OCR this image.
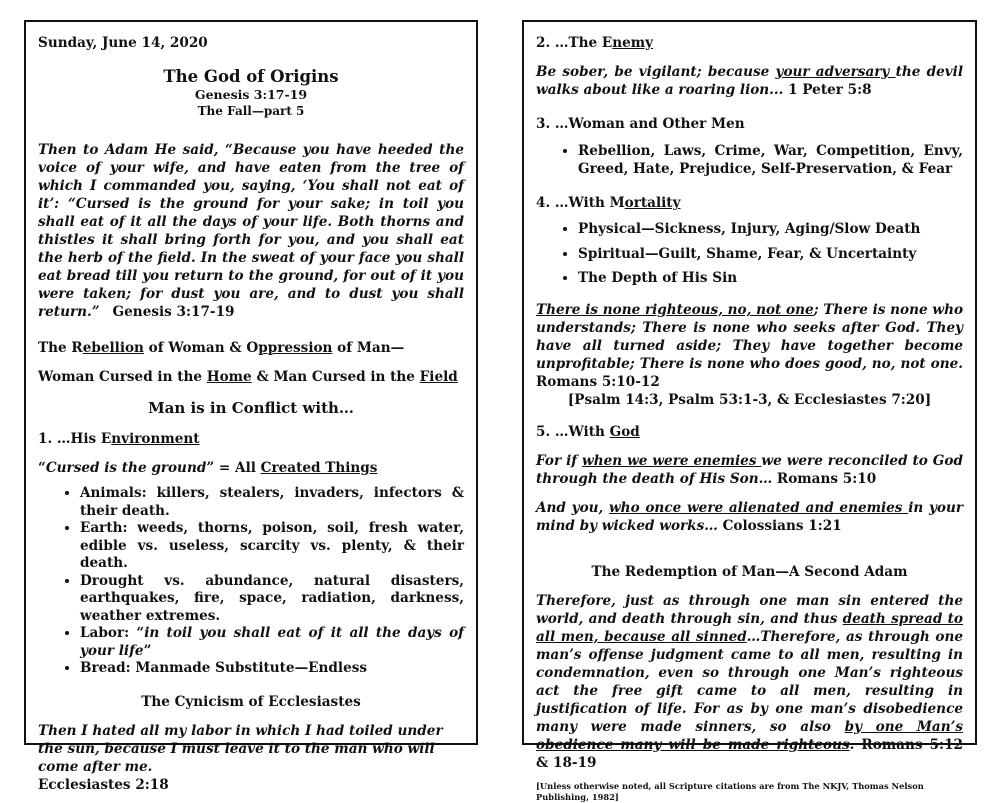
Sunday, June 14, 2020

The God of Origins

Genesis 3:17-19

The Fall—part 5

Then to Adam He said, “Because you have heeded the voice of your wife, and have eaten from the tree of which I commanded you, saying, ‘You shall not eat of it’: “Cursed is the ground for your sake; in toil you shall eat of it all the days of your life. Both thorns and thistles it shall bring forth for you, and you shall eat the herb of the field. In the sweat of your face you shall eat bread till you return to the ground, for out of it you were taken; for dust you are, and to dust you shall return.” Genesis 3:17-19

The Rebellion of Woman & Oppression of Man—

Woman Cursed in the Home & Man Cursed in the Field

Man is in Conflict with…

1. …His Environment

“Cursed is the ground” = All Created Things

• Animals: killers, stealers, invaders, infectors & their death.
• Earth: weeds, thorns, poison, soil, fresh water, edible vs. useless, scarcity vs. plenty, & their death.
• Drought vs. abundance, natural disasters, earthquakes, fire, space, radiation, darkness, weather extremes.
• Labor: “in toil you shall eat of it all the days of your life”
• Bread: Manmade Substitute—Endless

The Cynicism of Ecclesiastes

Then I hated all my labor in which I had toiled under the sun, because I must leave it to the man who will come after me.
Ecclesiastes 2:18

2. …The Enemy

Be sober, be vigilant; because your adversary the devil walks about like a roaring lion... 1 Peter 5:8

3. …Woman and Other Men

• Rebellion, Laws, Crime, War, Competition, Envy, Greed, Hate, Prejudice, Self-Preservation, & Fear

4. …With Mortality

• Physical—Sickness, Injury, Aging/Slow Death
• Spiritual—Guilt, Shame, Fear, & Uncertainty
• The Depth of His Sin

There is none righteous, no, not one; There is none who understands; There is none who seeks after God. They have all turned aside; They have together become unprofitable; There is none who does good, no, not one. Romans 5:10-12

[Psalm 14:3, Psalm 53:1-3, & Ecclesiastes 7:20]

5. …With God

For if when we were enemies we were reconciled to God through the death of His Son… Romans 5:10

And you, who once were alienated and enemies in your mind by wicked works… Colossians 1:21

The Redemption of Man—A Second Adam

Therefore, just as through one man sin entered the world, and death through sin, and thus death spread to all men, because all sinned…Therefore, as through one man’s offense judgment came to all men, resulting in condemnation, even so through one Man’s righteous act the free gift came to all men, resulting in justification of life. For as by one man’s disobedience many were made sinners, so also by one Man’s obedience many will be made righteous. Romans 5:12 & 18-19

[Unless otherwise noted, all Scripture citations are from The NKJV, Thomas Nelson Publishing, 1982]
